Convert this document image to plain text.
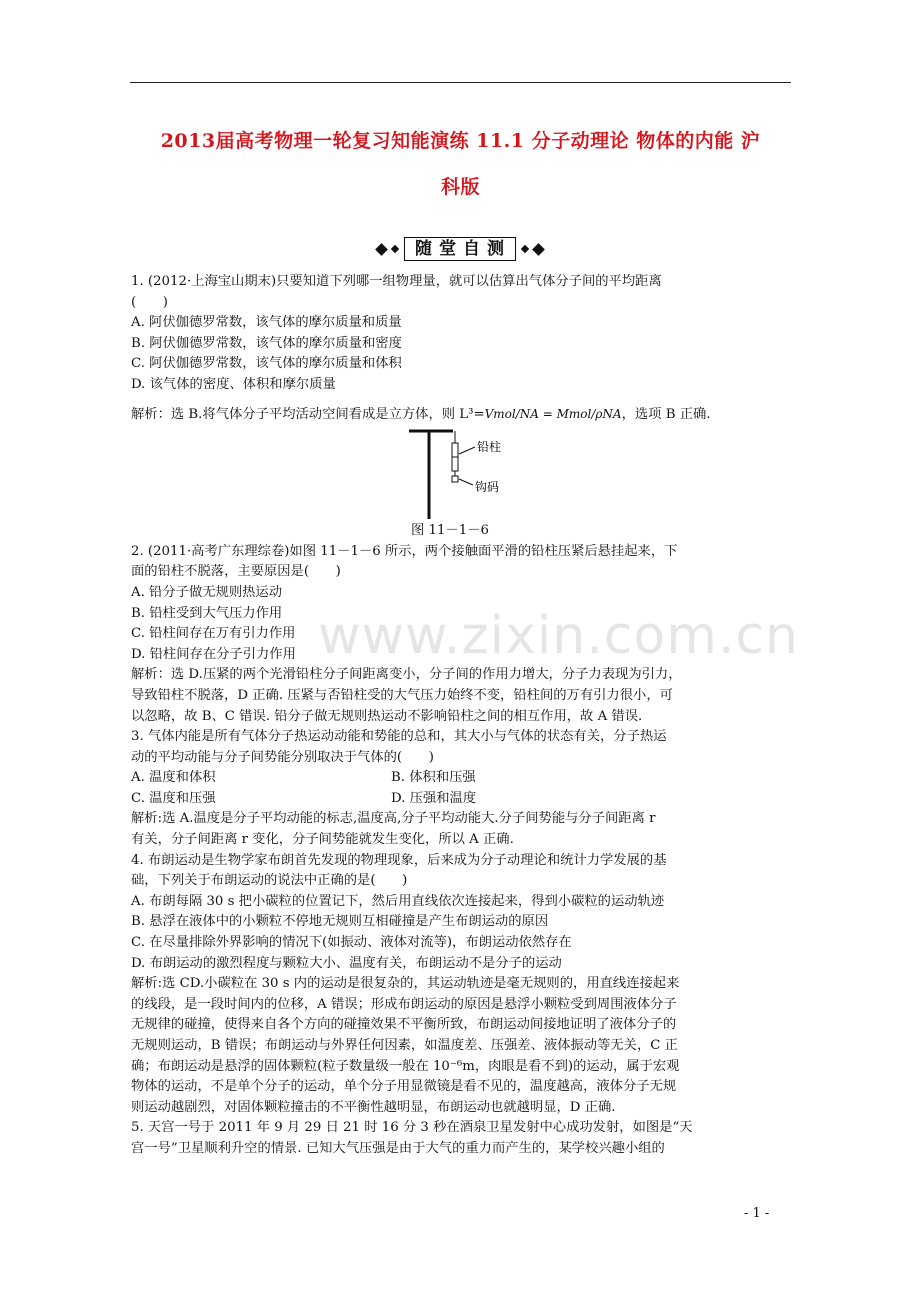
2013届高考物理一轮复习知能演练 11.1 分子动理论 物体的内能 沪
科版
随堂自测

1. (2012·上海宝山期末)只要知道下列哪一组物理量，就可以估算出气体分子间的平均距离

(　　)

A. 阿伏伽德罗常数，该气体的摩尔质量和质量

B. 阿伏伽德罗常数，该气体的摩尔质量和密度

C. 阿伏伽德罗常数，该气体的摩尔质量和体积

D. 该气体的密度、体积和摩尔质量

解析：选 B.将气体分子平均活动空间看成是立方体，则 L³=Vmol/NA = Mmol/ρNA，选项 B 正确.

铅柱
钩码

图 11－1－6

2. (2011·高考广东理综卷)如图 11－1－6 所示，两个接触面平滑的铅柱压紧后悬挂起来，下

面的铅柱不脱落，主要原因是(　　)

A. 铅分子做无规则热运动

B. 铅柱受到大气压力作用

C. 铅柱间存在万有引力作用

D. 铅柱间存在分子引力作用

解析：选 D.压紧的两个光滑铅柱分子间距离变小，分子间的作用力增大，分子力表现为引力，

导致铅柱不脱落，D 正确. 压紧与否铅柱受的大气压力始终不变，铅柱间的万有引力很小，可

以忽略，故 B、C 错误. 铅分子做无规则热运动不影响铅柱之间的相互作用，故 A 错误.

3. 气体内能是所有气体分子热运动动能和势能的总和，其大小与气体的状态有关，分子热运

动的平均动能与分子间势能分别取决于气体的(　　)

A. 温度和体积	B. 体积和压强
C. 温度和压强	D. 压强和温度

解析:选 A.温度是分子平均动能的标志,温度高,分子平均动能大.分子间势能与分子间距离 r

有关，分子间距离 r 变化，分子间势能就发生变化，所以 A 正确.

4. 布朗运动是生物学家布朗首先发现的物理现象，后来成为分子动理论和统计力学发展的基

础，下列关于布朗运动的说法中正确的是(　　)

A. 布朗每隔 30 s 把小碳粒的位置记下，然后用直线依次连接起来，得到小碳粒的运动轨迹

B. 悬浮在液体中的小颗粒不停地无规则互相碰撞是产生布朗运动的原因

C. 在尽量排除外界影响的情况下(如振动、液体对流等)，布朗运动依然存在

D. 布朗运动的激烈程度与颗粒大小、温度有关，布朗运动不是分子的运动

解析:选 CD.小碳粒在 30 s 内的运动是很复杂的，其运动轨迹是毫无规则的，用直线连接起来

的线段，是一段时间内的位移，A 错误；形成布朗运动的原因是悬浮小颗粒受到周围液体分子

无规律的碰撞，使得来自各个方向的碰撞效果不平衡所致，布朗运动间接地证明了液体分子的

无规则运动，B 错误；布朗运动与外界任何因素，如温度差、压强差、液体振动等无关，C 正

确；布朗运动是悬浮的固体颗粒(粒子数量级一般在 10⁻⁶m，肉眼是看不到)的运动，属于宏观

物体的运动，不是单个分子的运动，单个分子用显微镜是看不见的，温度越高，液体分子无规

则运动越剧烈，对固体颗粒撞击的不平衡性越明显，布朗运动也就越明显，D 正确.

5. 天宫一号于 2011 年 9 月 29 日 21 时 16 分 3 秒在酒泉卫星发射中心成功发射，如图是“天

宫一号”卫星顺利升空的情景. 已知大气压强是由于大气的重力而产生的，某学校兴趣小组的

www.zixin.com.cn
- 1 -
